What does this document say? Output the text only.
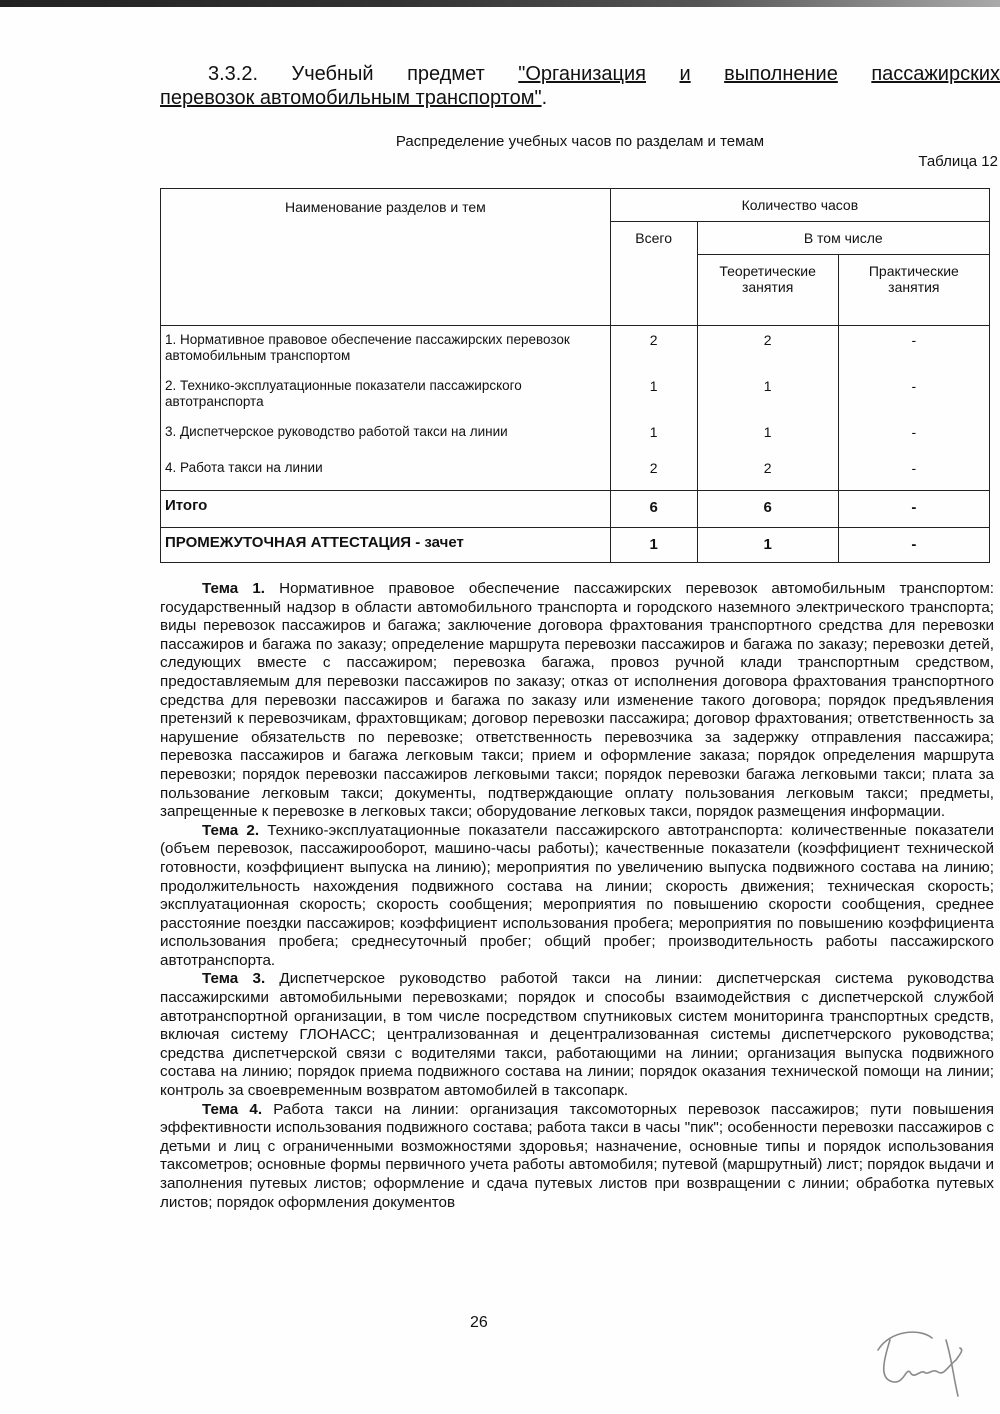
3.3.2. Учебный предмет "Организация и выполнение пассажирских
перевозок автомобильным транспортом".
Распределение учебных часов по разделам и темам
Таблица 12
Наименование разделов и тем	Количество часов		
	Всего	В том числе	
		Теоретические занятия	Практические занятия
1. Нормативное правовое обеспечение пассажирских перевозок автомобильным транспортом	2	2	-
2. Технико-эксплуатационные показатели пассажирского автотранспорта	1	1	-
3. Диспетчерское руководство работой такси на линии	1	1	-
4. Работа такси на линии	2	2	-
Итого	6	6	-
ПРОМЕЖУТОЧНАЯ АТТЕСТАЦИЯ - зачет	1	1	-

Тема 1. Нормативное правовое обеспечение пассажирских перевозок автомобильным транспортом: государственный надзор в области автомобильного транспорта и городского наземного электрического транспорта; виды перевозок пассажиров и багажа; заключение договора фрахтования транспортного средства для перевозки пассажиров и багажа по заказу; определение маршрута перевозки пассажиров и багажа по заказу; перевозки детей, следующих вместе с пассажиром; перевозка багажа, провоз ручной клади транспортным средством, предоставляемым для перевозки пассажиров по заказу; отказ от исполнения договора фрахтования транспортного средства для перевозки пассажиров и багажа по заказу или изменение такого договора; порядок предъявления претензий к перевозчикам, фрахтовщикам; договор перевозки пассажира; договор фрахтования; ответственность за нарушение обязательств по перевозке; ответственность перевозчика за задержку отправления пассажира; перевозка пассажиров и багажа легковым такси; прием и оформление заказа; порядок определения маршрута перевозки; порядок перевозки пассажиров легковыми такси; порядок перевозки багажа легковыми такси; плата за пользование легковым такси; документы, подтверждающие оплату пользования легковым такси; предметы, запрещенные к перевозке в легковых такси; оборудование легковых такси, порядок размещения информации.

Тема 2. Технико-эксплуатационные показатели пассажирского автотранспорта: количественные показатели (объем перевозок, пассажирооборот, машино-часы работы); качественные показатели (коэффициент технической готовности, коэффициент выпуска на линию); мероприятия по увеличению выпуска подвижного состава на линию; продолжительность нахождения подвижного состава на линии; скорость движения; техническая скорость; эксплуатационная скорость; скорость сообщения; мероприятия по повышению скорости сообщения, среднее расстояние поездки пассажиров; коэффициент использования пробега; мероприятия по повышению коэффициента использования пробега; среднесуточный пробег; общий пробег; производительность работы пассажирского автотранспорта.

Тема 3. Диспетчерское руководство работой такси на линии: диспетчерская система руководства пассажирскими автомобильными перевозками; порядок и способы взаимодействия с диспетчерской службой автотранспортной организации, в том числе посредством спутниковых систем мониторинга транспортных средств, включая систему ГЛОНАСС; централизованная и децентрализованная системы диспетчерского руководства; средства диспетчерской связи с водителями такси, работающими на линии; организация выпуска подвижного состава на линию; порядок приема подвижного состава на линии; порядок оказания технической помощи на линии; контроль за своевременным возвратом автомобилей в таксопарк.

Тема 4. Работа такси на линии: организация таксомоторных перевозок пассажиров; пути повышения эффективности использования подвижного состава; работа такси в часы "пик"; особенности перевозки пассажиров с детьми и лиц с ограниченными возможностями здоровья; назначение, основные типы и порядок использования таксометров; основные формы первичного учета работы автомобиля; путевой (маршрутный) лист; порядок выдачи и заполнения путевых листов; оформление и сдача путевых листов при возвращении с линии; обработка путевых листов; порядок оформления документов

26
